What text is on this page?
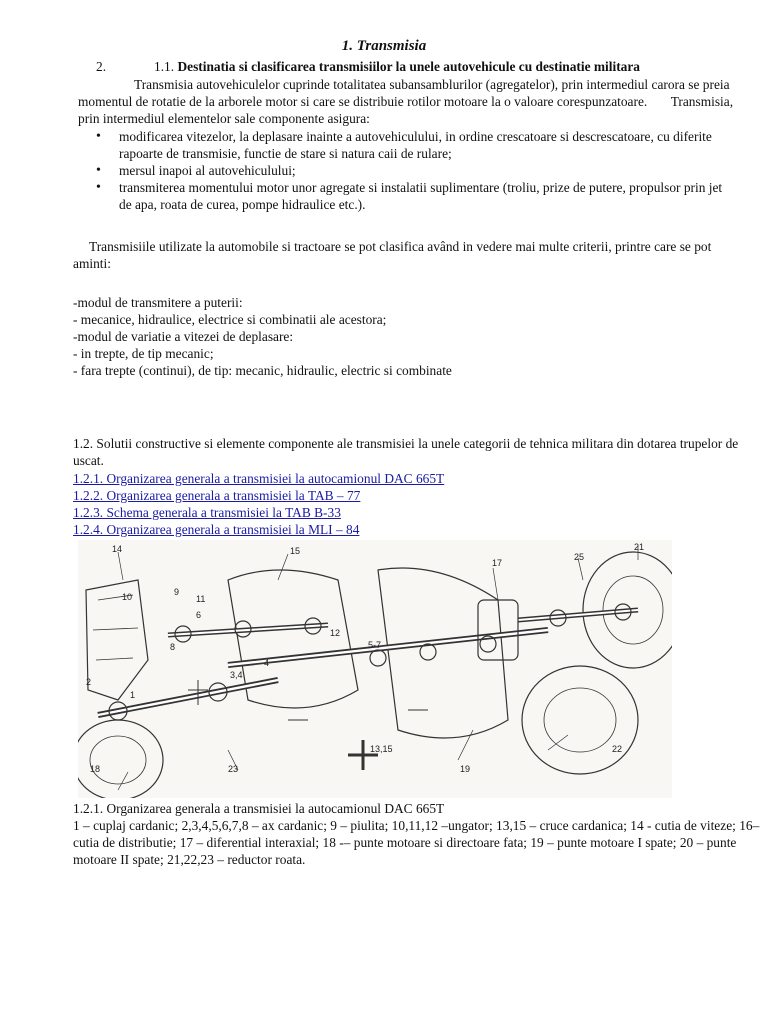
1. Transmisia
2.	1.1. Destinatia si clasificarea transmisiilor la unele autovehicule cu destinatie militara
Transmisia autovehiculelor cuprinde totalitatea subansamblurilor (agregatelor), prin intermediul carora se preia momentul de rotatie de la arborele motor si care se distribuie rotilor motoare la o valoare corespunzatoare. Transmisia, prin intermediul elementelor sale componente asigura:
• modificarea vitezelor, la deplasare inainte a autovehiculului, in ordine crescatoare si descrescatoare, cu diferite rapoarte de transmisie, functie de stare si natura caii de rulare;
• mersul inapoi al autovehiculului;
• transmiterea momentului motor unor agregate si instalatii suplimentare (troliu, prize de putere, propulsor prin jet de apa, roata de curea, pompe hidraulice etc.).
Transmisiile utilizate la automobile si tractoare se pot clasifica având in vedere mai multe criterii, printre care se pot aminti:
-modul de transmitere a puterii:
- mecanice, hidraulice, electrice si combinatii ale acestora;
-modul de variatie a vitezei de deplasare:
- in trepte, de tip mecanic;
- fara trepte (continui), de tip: mecanic, hidraulic, electric si combinate
1.2. Solutii constructive si elemente componente ale transmisiei la unele categorii de tehnica militara din dotarea trupelor de uscat.
1.2.1. Organizarea generala a transmisiei la autocamionul DAC 665T
1.2.2. Organizarea generala a transmisiei la TAB – 77
1.2.3. Schema generala a transmisiei la TAB B-33
1.2.4. Organizarea generala a transmisiei la MLI – 84
14	15
17
21
25
9
11
10
12
8	5-7
6
4
3,4
2
1
18	23
13,15
19
22
1.2.1. Organizarea generala a transmisiei la autocamionul DAC 665T
1 – cuplaj cardanic; 2,3,4,5,6,7,8 – ax cardanic; 9 – piulita; 10,11,12 –ungator; 13,15 – cruce cardanica; 14 - cutia de viteze; 16– cutia de distributie; 17 – diferential interaxial; 18 -– punte motoare si directoare fata; 19 – punte motoare I spate; 20 – punte motoare II spate; 21,22,23 – reductor roata.
